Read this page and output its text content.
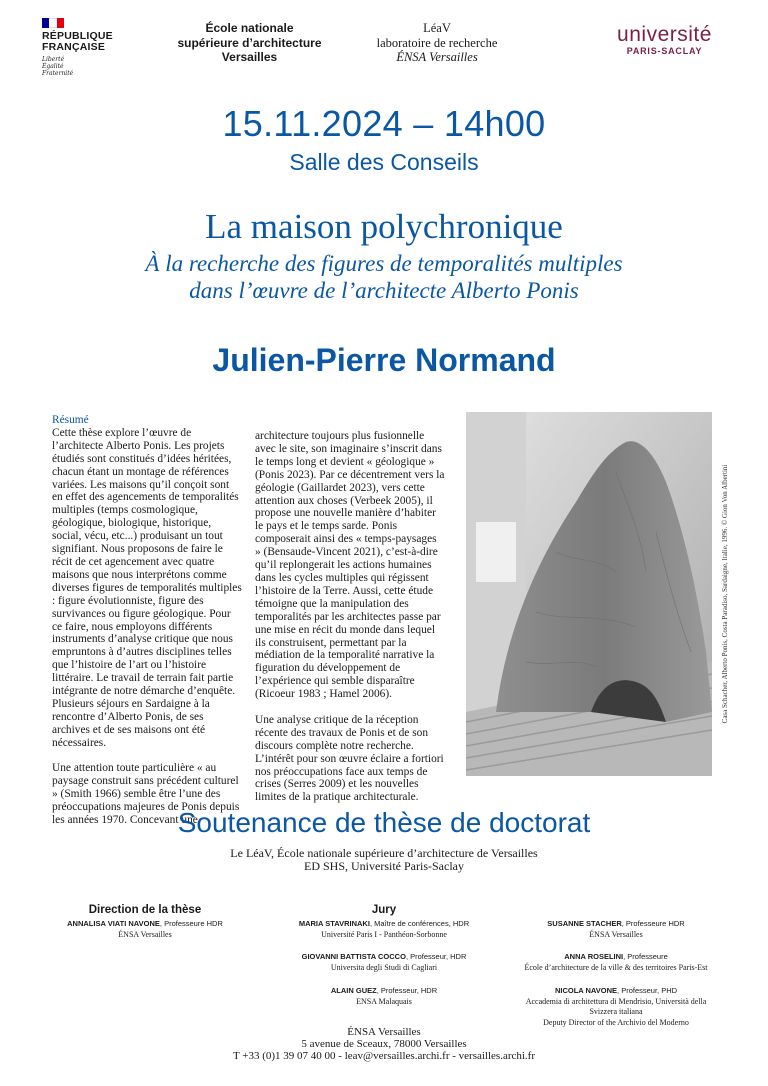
RÉPUBLIQUE
FRANÇAISE
Liberté
Égalité
Fraternité
École nationale
supérieure d’architecture
Versailles
LéaV
laboratoire de recherche
ÉNSA Versailles
université
PARIS-SACLAY
15.11.2024 – 14h00
Salle des Conseils
La maison polychronique
À la recherche des figures de temporalités multiples
dans l’œuvre de l’architecte Alberto Ponis
Julien-Pierre Normand
Résumé

Cette thèse explore l’œuvre de l’architecte Alberto Ponis. Les projets étudiés sont constitués d’idées héritées, chacun étant un montage de références variées. Les maisons qu’il conçoit sont en effet des agencements de temporalités multiples (temps cosmologique, géologique, biologique, historique, social, vécu, etc...) produisant un tout signifiant. Nous proposons de faire le récit de cet agencement avec quatre maisons que nous interprétons comme diverses figures de temporalités multiples : figure évolutionniste, figure des survivances ou figure géologique. Pour ce faire, nous employons différents instruments d’analyse critique que nous empruntons à d’autres disciplines telles que l’histoire de l’art ou l’histoire littéraire. Le travail de terrain fait partie intégrante de notre démarche d’enquête. Plusieurs séjours en Sardaigne à la rencontre d’Alberto Ponis, de ses archives et de ses maisons ont été nécessaires.

Une attention toute particulière « au paysage construit sans précédent culturel » (Smith 1966) semble être l’une des préoccupations majeures de Ponis depuis les années 1970. Concevant une

architecture toujours plus fusionnelle avec le site, son imaginaire s’inscrit dans le temps long et devient « géologique » (Ponis 2023). Par ce décentrement vers la géologie (Gaillardet 2023), vers cette attention aux choses (Verbeek 2005), il propose une nouvelle manière d’habiter le pays et le temps sarde. Ponis composerait ainsi des « temps-paysages » (Bensaude-Vincent 2021), c’est-à-dire qu’il replongerait les actions humaines dans les cycles multiples qui régissent l’histoire de la Terre. Aussi, cette étude témoigne que la manipulation des temporalités par les architectes passe par une mise en récit du monde dans lequel ils construisent, permettant par la médiation de la temporalité narrative la figuration du développement de l’expérience qui semble disparaître (Ricoeur 1983 ; Hamel 2006).

Une analyse critique de la réception récente des travaux de Ponis et de son discours complète notre recherche. L’intérêt pour son œuvre éclaire a fortiori nos préoccupations face aux temps de crises (Serres 2009) et les nouvelles limites de la pratique architecturale.

Casa Schacher, Alberto Ponis, Costa Paradiso, Sardaigne, Italie, 1996. © Gion Von Albertini
Soutenance de thèse de doctorat
Le LéaV, École nationale supérieure d’architecture de Versailles
ED SHS, Université Paris-Saclay
Direction de la thèse	Jury
ANNALISA VIATI NAVONE, Professeure HDR
ÉNSA Versailles
MARIA STAVRINAKI, Maître de conférences, HDR
Université Paris I - Panthéon-Sorbonne
SUSANNE STACHER, Professeure HDR
ÉNSA Versailles
GIOVANNI BATTISTA COCCO, Professeur, HDR
Universita degli Studi di Cagliari
ANNA ROSELINI, Professeure
École d’architecture de la ville & des territoires Paris-Est
ALAIN GUEZ, Professeur, HDR
ENSA Malaquais
NICOLA NAVONE, Professeur, PHD
Accademia di architettura di Mendrisio, Università della
Svizzera italiana
Deputy Director of the Archivio del Moderno
ÉNSA Versailles
5 avenue de Sceaux, 78000 Versailles
T +33 (0)1 39 07 40 00 - leav@versailles.archi.fr - versailles.archi.fr
